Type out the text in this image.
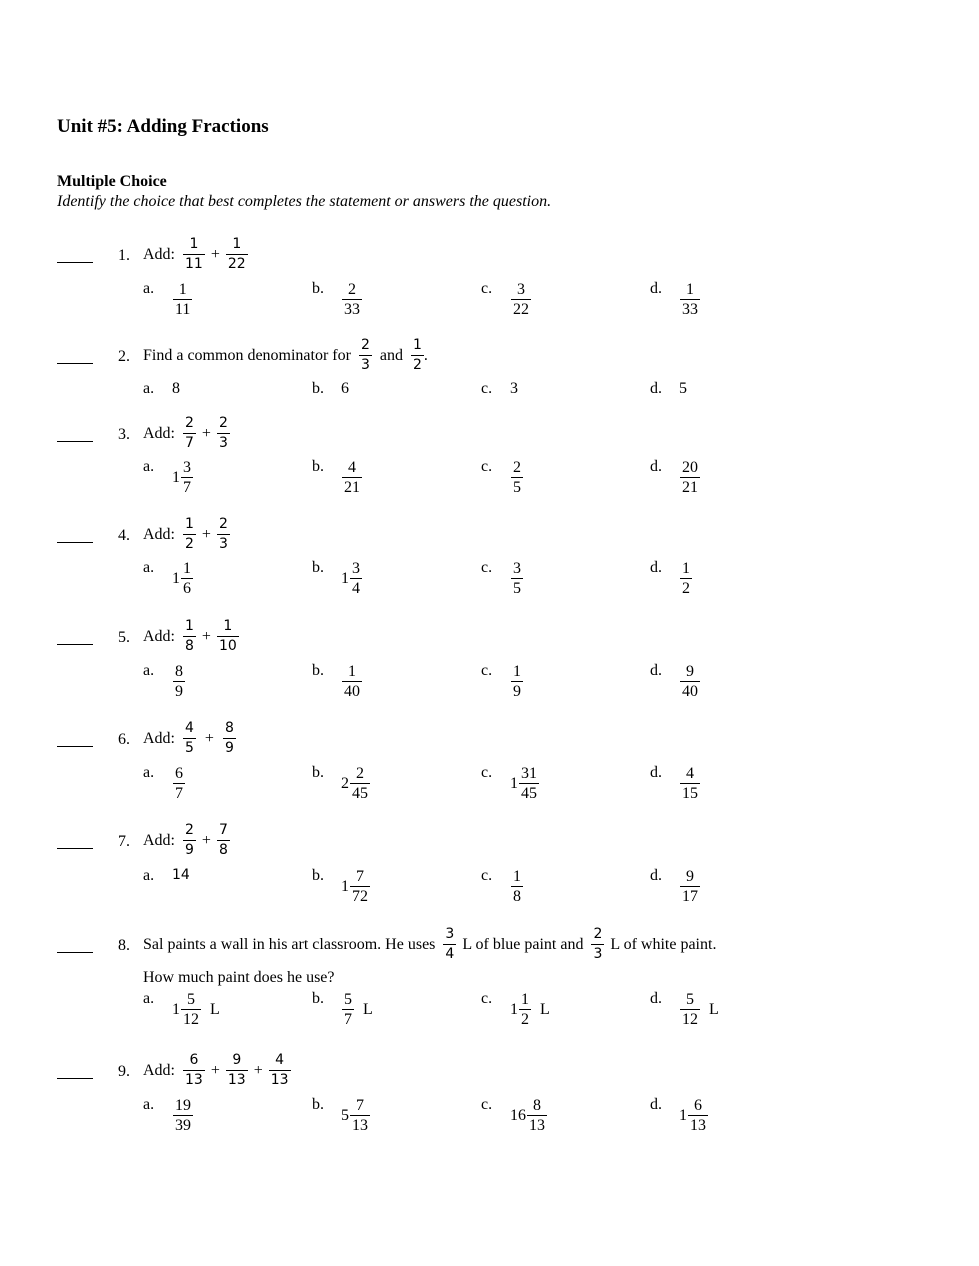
Unit #5: Adding Fractions
Multiple Choice
Identify the choice that best completes the statement or answers the question.
1. Add: $\frac{1}{11} + \frac{1}{22}$
a. $\frac{1}{11}$	b. $\frac{2}{33}$	c. $\frac{3}{22}$	d. $\frac{1}{33}$
2. Find a common denominator for $\frac{2}{3}$ and $\frac{1}{2}$ .
a. 8	b. 6	c. 3	d. 5
3. Add: $\frac{2}{7} + \frac{2}{3}$
a.
$1 \frac{3}{7}$	b. $\frac{4}{21}$	c. $\frac{2}{5}$	d. $\frac{20}{21}$
4. Add: $\frac{1}{2} + \frac{2}{3}$
a.
$1 \frac{1}{6}$	b.
$1 \frac{3}{4}$	c. $\frac{3}{5}$	d. $\frac{1}{2}$
5. Add: $\frac{1}{8} + \frac{1}{10}$
a. $\frac{8}{9}$	b. $\frac{1}{40}$	c. $\frac{1}{9}$	d. $\frac{9}{40}$
6. Add: $\frac{4}{5} + \frac{8}{9}$
a. $\frac{6}{7}$	b.
$2 \frac{2}{45}$	c.
$1 \frac{31}{45}$	d. $\frac{4}{15}$
7. Add: $\frac{2}{9} + \frac{7}{8}$
a. 14	b.
$1 \frac{7}{72}$	c. $\frac{1}{8}$	d. $\frac{9}{17}$
8. Sal paints a wall in his art classroom. He uses $\frac{3}{4}$ L of blue paint and $\frac{2}{3}$ L of white paint.
How much paint does he use?
a.
$1 \frac{5}{12}$ L
b. $\frac{5}{7}$ L
c.
$1 \frac{1}{2}$ L
d. $\frac{5}{12}$ L
9. Add: $\frac{6}{13} + \frac{9}{13} + \frac{4}{13}$
a. $\frac{19}{39}$	b.
$5 \frac{7}{13}$	c.
$16 \frac{8}{13}$	d.
$1 \frac{6}{13}$
